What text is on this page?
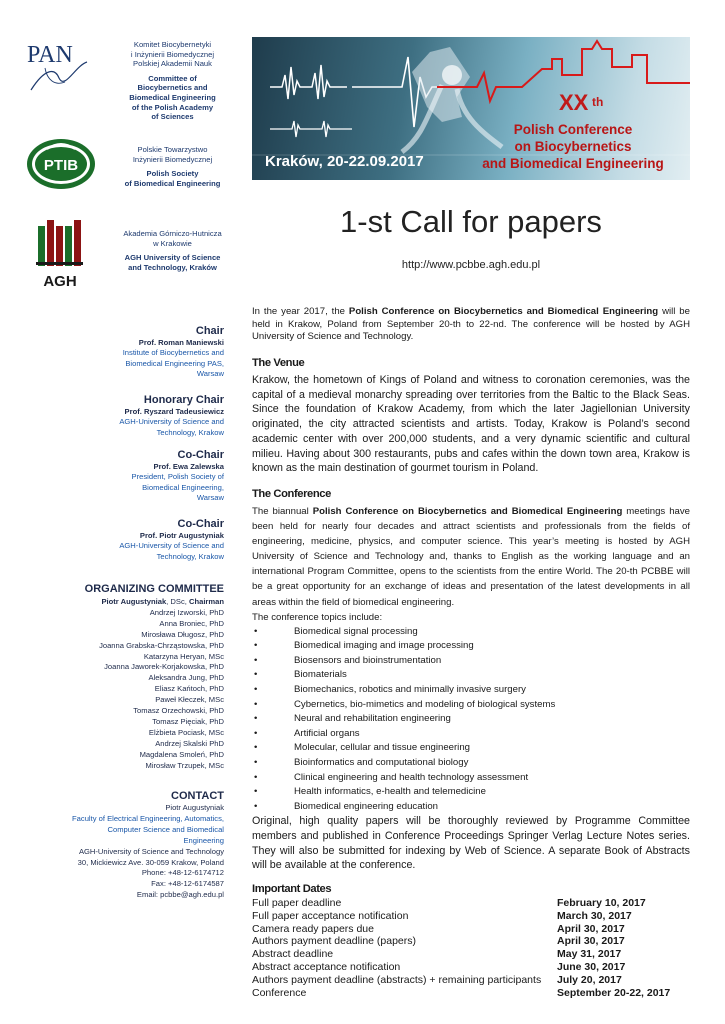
PAN	Komitet Biocybernetyki
i Inżynierii Biomedycznej
Polskiej Akademii Nauk
Committee of
Biocybernetics and
Biomedical Engineering
of the Polish Academy
of Sciences
PTIB
Polskie Towarzystwo
Inżynierii Biomedycznej
Polish Society
of Biomedical Engineering
AGH
Akademia Górniczo-Hutnicza
w Krakowie
AGH University of Science
and Technology, Kraków
Kraków, 20-22.09.2017
XX th
Polish Conference
on Biocybernetics
and Biomedical Engineering
1-st Call for papers
http://www.pcbbe.agh.edu.pl
Chair
Prof. Roman Maniewski
Institute of Biocybernetics and
Biomedical Engineering PAS,
Warsaw
Honorary Chair
Prof. Ryszard Tadeusiewicz
AGH-University of Science and
Technology, Krakow
Co-Chair
Prof. Ewa Zalewska
President, Polish Society of
Biomedical Engineering,
Warsaw
Co-Chair
Prof. Piotr Augustyniak
AGH-University of Science and
Technology, Krakow
ORGANIZING COMMITTEE
Piotr Augustyniak, DSc, Chairman
Andrzej Izworski, PhD
Anna Broniec, PhD
Mirosława Długosz, PhD
Joanna Grabska-Chrząstowska, PhD
Katarzyna Heryan, MSc
Joanna Jaworek-Korjakowska, PhD
Aleksandra Jung, PhD
Eliasz Kańtoch, PhD
Paweł Kłeczek, MSc
Tomasz Orzechowski, PhD
Tomasz Pięciak, PhD
Elżbieta Pociask, MSc
Andrzej Skalski PhD
Magdalena Smoleń, PhD
Mirosław Trzupek, MSc
CONTACT
Piotr Augustyniak
Faculty of Electrical Engineering, Automatics,
Computer Science and Biomedical
Engineering
AGH-University of Science and Technology
30, Mickiewicz Ave. 30-059 Krakow, Poland
Phone: +48-12-6174712
Fax: +48-12-6174587
Email: pcbbe@agh.edu.pl
In the year 2017, the Polish Conference on Biocybernetics and Biomedical Engineering will be held in Krakow, Poland from September 20-th to 22-nd. The conference will be hosted by AGH University of Science and Technology.
The Venue
Krakow, the hometown of Kings of Poland and witness to coronation ceremonies, was the capital of a medieval monarchy spreading over territories from the Baltic to the Black Seas. Since the foundation of Krakow Academy, from which the later Jagiellonian University originated, the city attracted scientists and artists. Today, Krakow is Poland’s second academic center with over 200,000 students, and a very dynamic scientific and cultural milieu. Having about 300 restaurants, pubs and cafes within the down town area, Krakow is known as the main destination of gourmet tourism in Poland.
The Conference
The biannual Polish Conference on Biocybernetics and Biomedical Engineering meetings have been held for nearly four decades and attract scientists and professionals from the fields of engineering, medicine, physics, and computer science. This year’s meeting is hosted by AGH University of Science and Technology and, thanks to English as the working language and an international Program Committee, opens to the scientists from the entire World. The 20-th PCBBE will be a great opportunity for an exchange of ideas and presentation of the latest developments in all areas within the field of biomedical engineering.
The conference topics include:
•	Biomedical signal processing
•	Biomedical imaging and image processing
•	Biosensors and bioinstrumentation
•	Biomaterials
•	Biomechanics, robotics and minimally invasive surgery
•	Cybernetics, bio-mimetics and modeling of biological systems
•	Neural and rehabilitation engineering
•	Artificial organs
•	Molecular, cellular and tissue engineering
•	Bioinformatics and computational biology
•	Clinical engineering and health technology assessment
•	Health informatics, e-health and telemedicine
•	Biomedical engineering education
Original, high quality papers will be thoroughly reviewed by Programme Committee members and published in Conference Proceedings Springer Verlag Lecture Notes series. They will also be submitted for indexing by Web of Science. A separate Book of Abstracts will be available at the conference.
Important Dates
Full paper deadline	February 10, 2017
Full paper acceptance notification	March 30, 2017
Camera ready papers due	April 30, 2017
Authors payment deadline (papers)	April 30, 2017
Abstract deadline	May 31, 2017
Abstract acceptance notification	June 30, 2017
Authors payment deadline (abstracts) + remaining participants July 20, 2017
Conference	September 20-22, 2017
